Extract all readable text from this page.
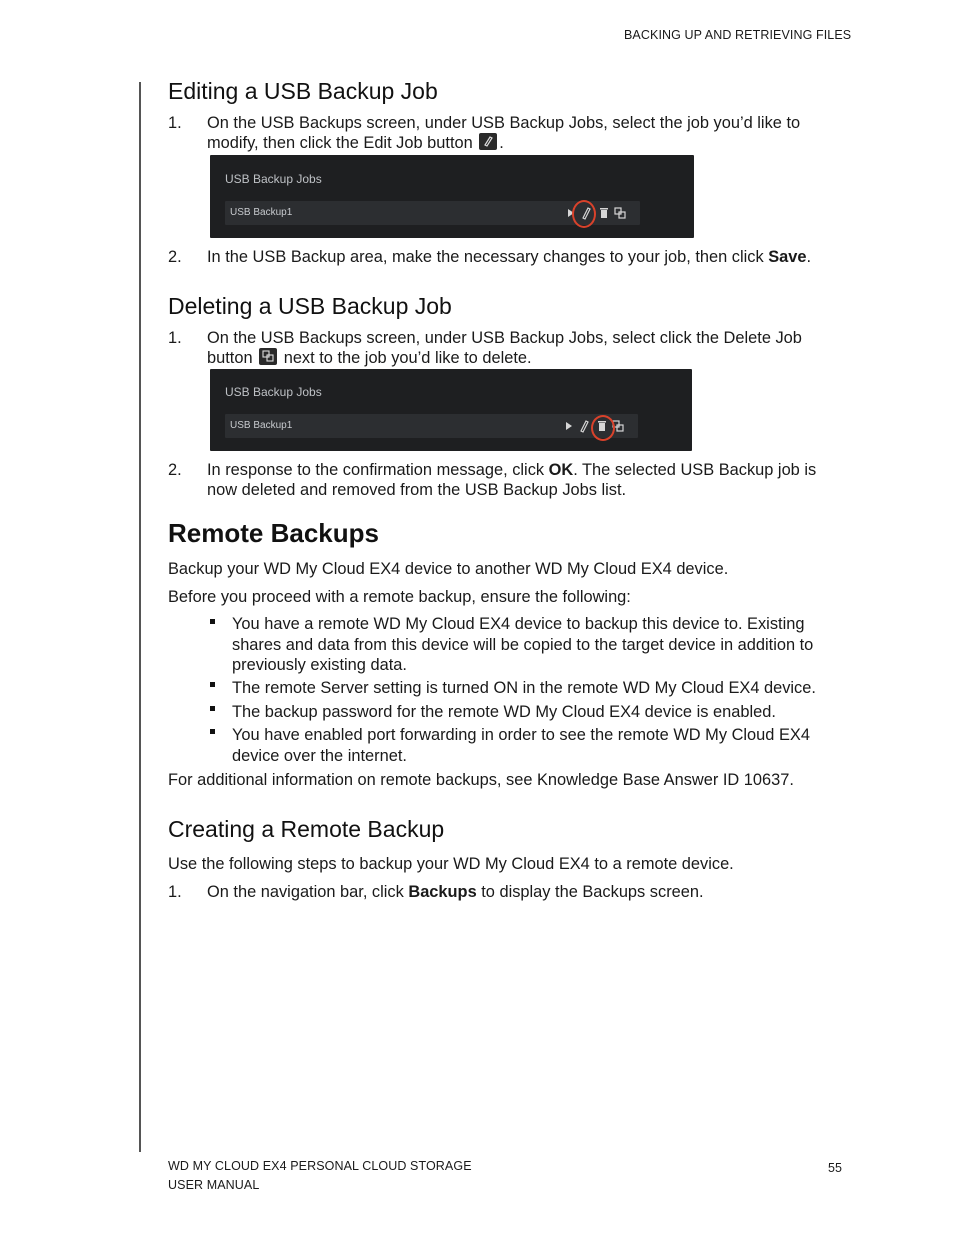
BACKING UP AND RETRIEVING FILES
Editing a USB Backup Job
1. On the USB Backups screen, under USB Backup Jobs, select the job you’d like to
modify, then click the Edit Job button .
USB Backup Jobs
USB Backup1
2. In the USB Backup area, make the necessary changes to your job, then click Save.
Deleting a USB Backup Job
1. On the USB Backups screen, under USB Backup Jobs, select click the Delete Job
button next to the job you’d like to delete.
USB Backup Jobs
USB Backup1
2. In response to the confirmation message, click OK. The selected USB Backup job is
now deleted and removed from the USB Backup Jobs list.
Remote Backups
Backup your WD My Cloud EX4 device to another WD My Cloud EX4 device.
Before you proceed with a remote backup, ensure the following:
You have a remote WD My Cloud EX4 device to backup this device to. Existing
shares and data from this device will be copied to the target device in addition to
previously existing data.
The remote Server setting is turned ON in the remote WD My Cloud EX4 device.
The backup password for the remote WD My Cloud EX4 device is enabled.
You have enabled port forwarding in order to see the remote WD My Cloud EX4
device over the internet.
For additional information on remote backups, see Knowledge Base Answer ID 10637.
Creating a Remote Backup
Use the following steps to backup your WD My Cloud EX4 to a remote device.
1. On the navigation bar, click Backups to display the Backups screen.
WD MY CLOUD EX4 PERSONAL CLOUD STORAGE
USER MANUAL
55
